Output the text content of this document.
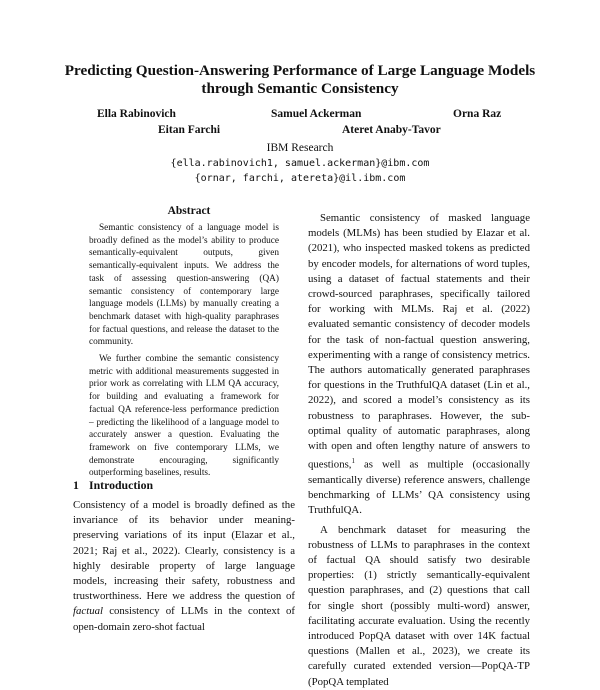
Predicting Question-Answering Performance of Large Language Models through Semantic Consistency
Ella Rabinovich	Samuel Ackerman	Orna Raz
Eitan Farchi	Ateret Anaby-Tavor
IBM Research
{ella.rabinovich1, samuel.ackerman}@ibm.com
{ornar, farchi, atereta}@il.ibm.com
Abstract

Semantic consistency of a language model is broadly defined as the model’s ability to produce semantically-equivalent outputs, given semantically-equivalent inputs. We address the task of assessing question-answering (QA) semantic consistency of contemporary large language models (LLMs) by manually creating a benchmark dataset with high-quality paraphrases for factual questions, and release the dataset to the community.

We further combine the semantic consistency metric with additional measurements suggested in prior work as correlating with LLM QA accuracy, for building and evaluating a framework for factual QA reference-less performance prediction – predicting the likelihood of a language model to accurately answer a question. Evaluating the framework on five contemporary LLMs, we demonstrate encouraging, significantly outperforming baselines, results.

1 Introduction

Consistency of a model is broadly defined as the invariance of its behavior under meaning-preserving variations of its input (Elazar et al., 2021; Raj et al., 2022). Clearly, consistency is a highly desirable property of large language models, increasing their safety, robustness and trustworthiness. Here we address the question of factual consistency of LLMs in the context of open-domain zero-shot factual

Semantic consistency of masked language models (MLMs) has been studied by Elazar et al. (2021), who inspected masked tokens as predicted by encoder models, for alternations of word tuples, using a dataset of factual statements and their crowd-sourced paraphrases, specifically tailored for working with MLMs. Raj et al. (2022) evaluated semantic consistency of decoder models for the task of non-factual question answering, experimenting with a range of consistency metrics. The authors automatically generated paraphrases for questions in the TruthfulQA dataset (Lin et al., 2022), and scored a model’s consistency as its robustness to paraphrases. However, the sub-optimal quality of automatic paraphrases, along with open and often lengthy nature of answers to questions,$^1$ as well as multiple (occasionally semantically diverse) reference answers, challenge benchmarking of LLMs’ QA consistency using TruthfulQA.

A benchmark dataset for measuring the robustness of LLMs to paraphrases in the context of factual QA should satisfy two desirable properties: (1) strictly semantically-equivalent question paraphrases, and (2) questions that call for single short (possibly multi-word) answer, facilitating accurate evaluation. Using the recently introduced PopQA dataset with over 14K factual questions (Mallen et al., 2023), we create its carefully curated extended version—PopQA-TP (PopQA templated
